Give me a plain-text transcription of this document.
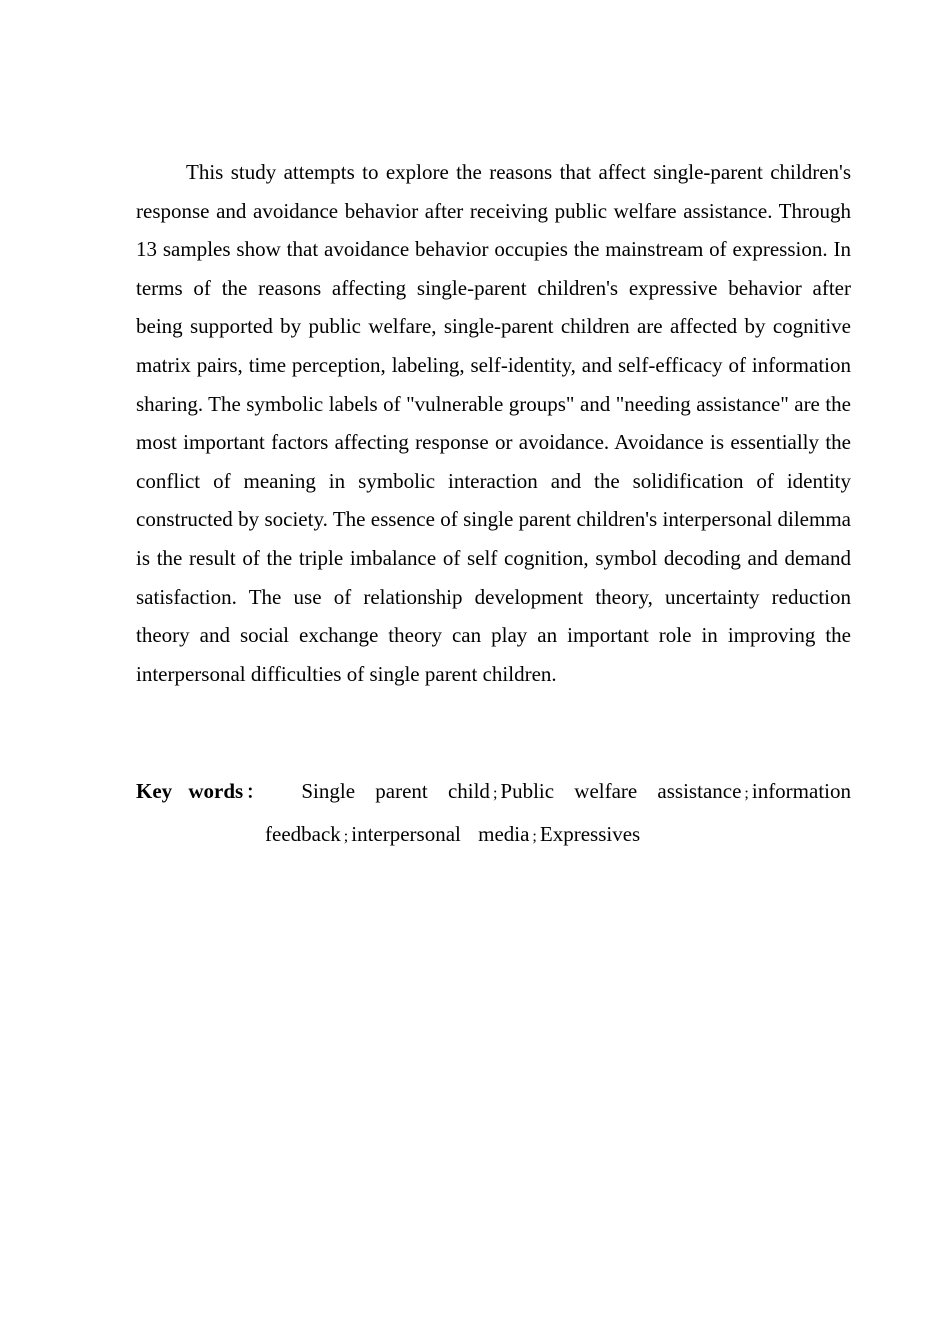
This study attempts to explore the reasons that affect single-parent children's response and avoidance behavior after receiving public welfare assistance. Through 13 samples show that avoidance behavior occupies the mainstream of expression. In terms of the reasons affecting single-parent children's expressive behavior after being supported by public welfare, single-parent children are affected by cognitive matrix pairs, time perception, labeling, self-identity, and self-efficacy of information sharing. The symbolic labels of "vulnerable groups" and "needing assistance" are the most important factors affecting response or avoidance. Avoidance is essentially the conflict of meaning in symbolic interaction and the solidification of identity constructed by society. The essence of single parent children's interpersonal dilemma is the result of the triple imbalance of self cognition, symbol decoding and demand satisfaction. The use of relationship development theory, uncertainty reduction theory and social exchange theory can play an important role in improving the interpersonal difficulties of single parent children.

Key words： Single parent child ; Public welfare assistance ; information feedback ; interpersonal media ; Expressives
